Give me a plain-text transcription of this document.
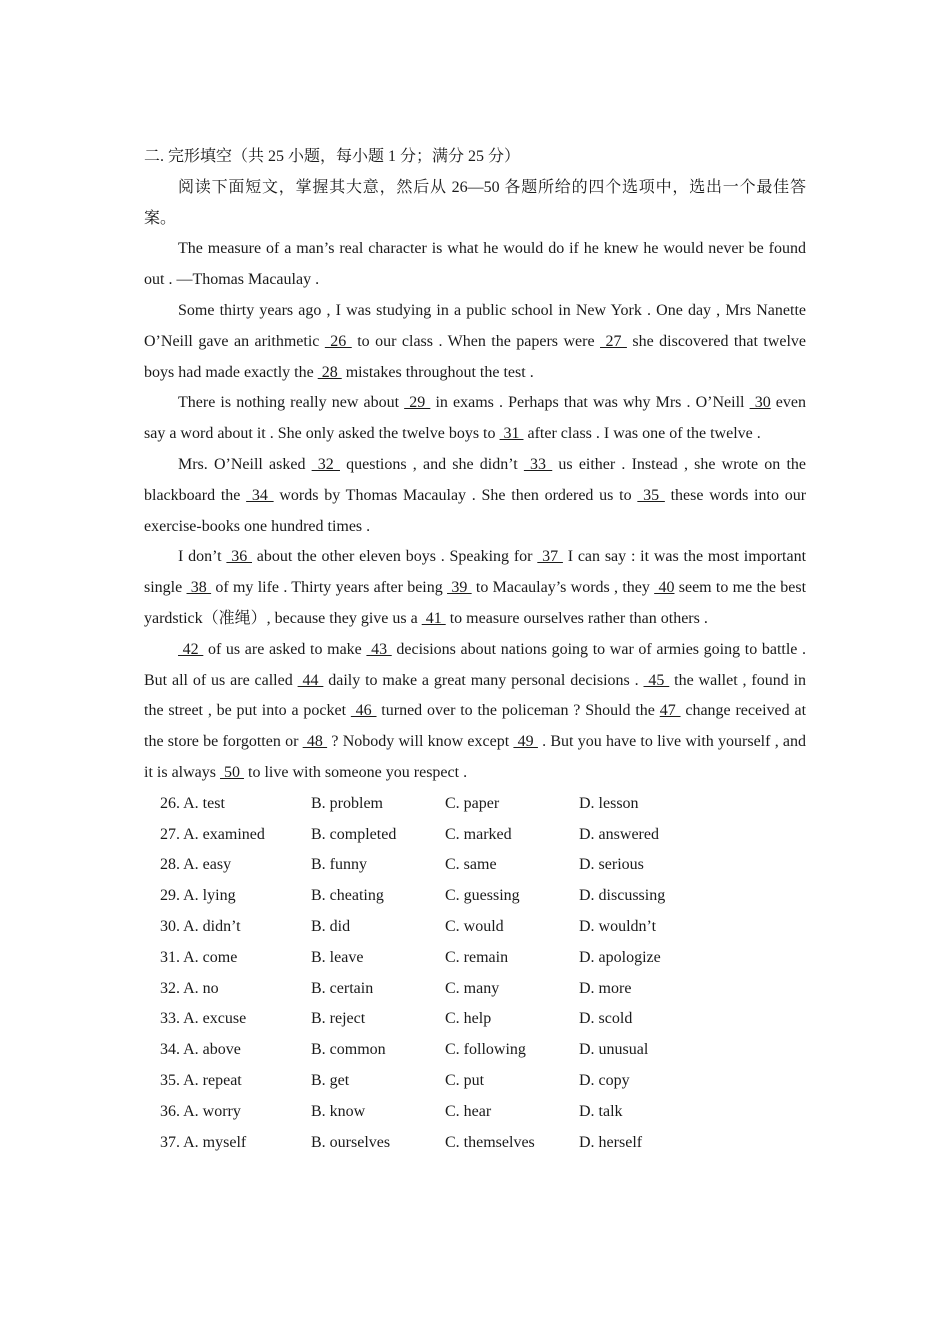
二. 完形填空（共 25 小题，每小题 1 分；满分 25 分）

阅读下面短文，掌握其大意，然后从 26—50 各题所给的四个选项中，选出一个最佳答案。

The measure of a man’s real character is what he would do if he knew he would never be found out . —Thomas Macaulay .

Some thirty years ago , I was studying in a public school in New York . One day , Mrs Nanette O’Neill gave an arithmetic  26  to our class . When the papers were  27  she discovered that twelve boys had made exactly the  28  mistakes throughout the test .

There is nothing really new about  29  in exams . Perhaps that was why Mrs . O’Neill  30 even say a word about it . She only asked the twelve boys to  31  after class . I was one of the twelve .

Mrs. O’Neill asked  32  questions , and she didn’t  33  us either . Instead , she wrote on the blackboard the  34  words by Thomas Macaulay . She then ordered us to  35  these words into our exercise-books one hundred times .

I don’t  36  about the other eleven boys . Speaking for  37  I can say : it was the most important single  38  of my life . Thirty years after being  39  to Macaulay’s words , they  40 seem to me the best yardstick（准绳）, because they give us a  41  to measure ourselves rather than others .

42  of us are asked to make  43  decisions about nations going to war of armies going to battle . But all of us are called  44  daily to make a great many personal decisions .  45  the wallet , found in the street , be put into a pocket  46  turned over to the policeman ? Should the 47  change received at the store be forgotten or  48  ? Nobody will know except  49  . But you have to live with yourself , and it is always  50  to live with someone you respect .

26. A. test	B. problem	C. paper	D. lesson
27. A. examined	B. completed	C. marked	D. answered
28. A. easy	B. funny	C. same	D. serious
29. A. lying	B. cheating	C. guessing	D. discussing
30. A. didn’t	B. did	C. would	D. wouldn’t
31. A. come	B. leave	C. remain	D. apologize
32. A. no	B. certain	C. many	D. more
33. A. excuse	B. reject	C. help	D. scold
34. A. above	B. common	C. following	D. unusual
35. A. repeat	B. get	C. put	D. copy
36. A. worry	B. know	C. hear	D. talk
37. A. myself	B. ourselves	C. themselves	D. herself
